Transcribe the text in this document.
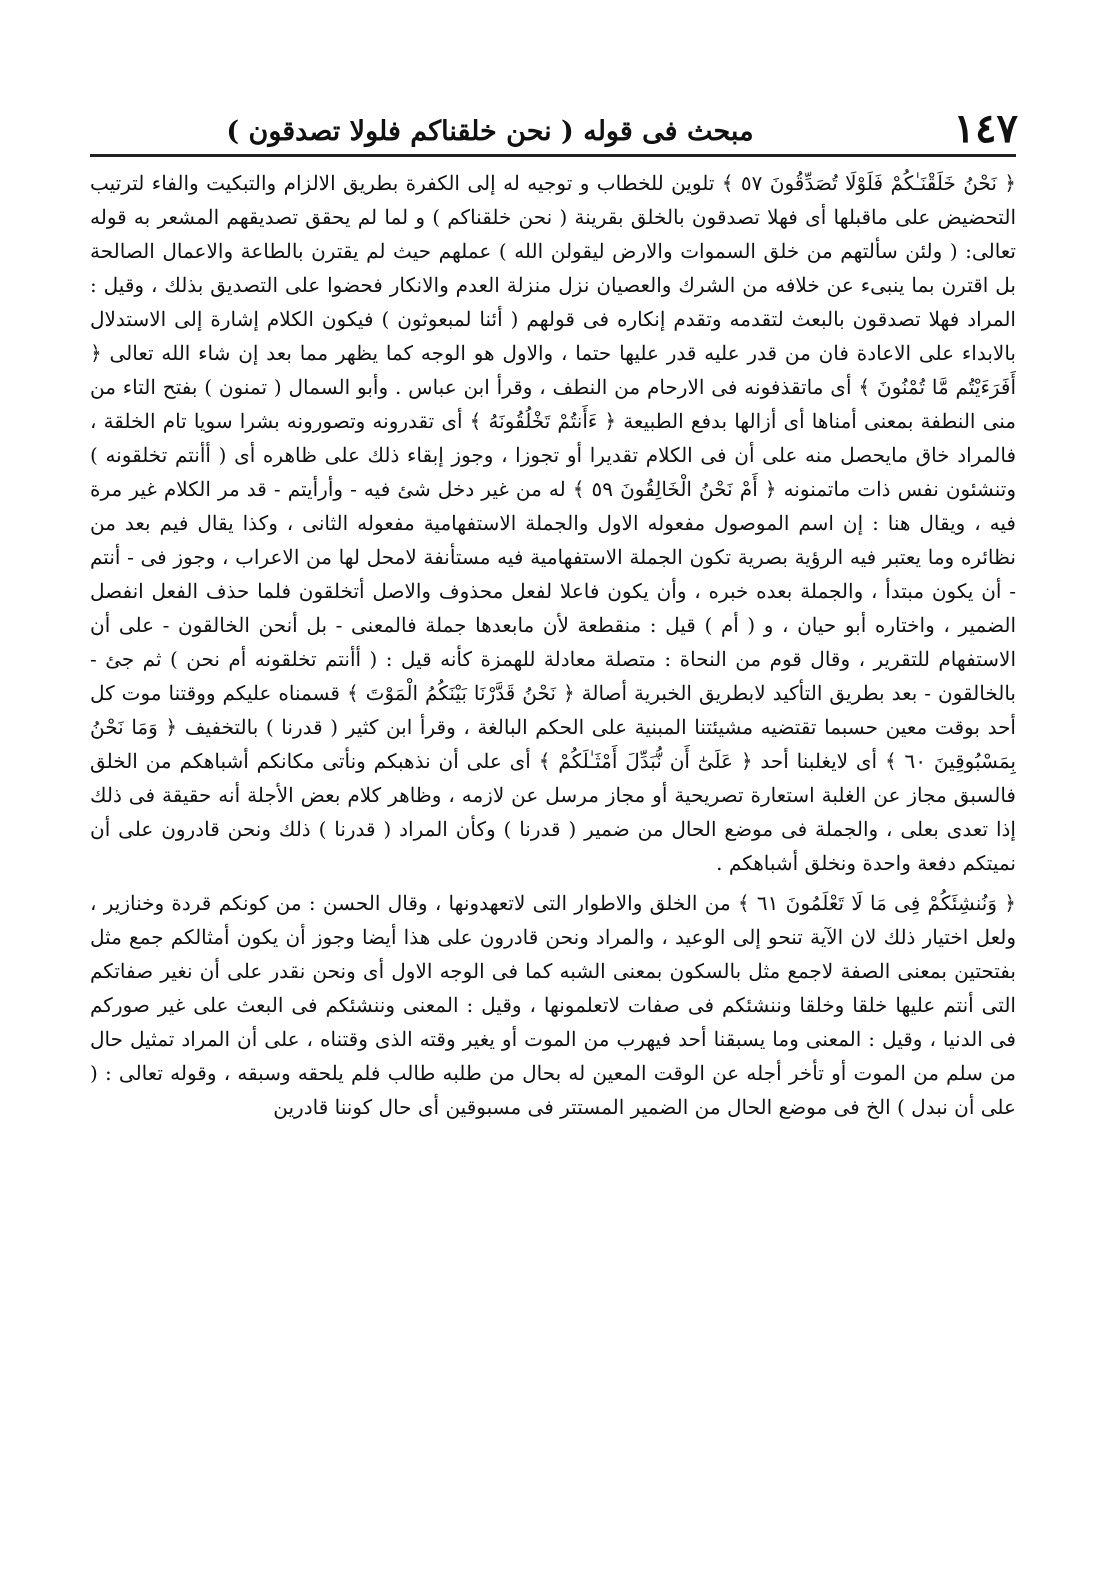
١٤٧
مبحث فى قوله ( نحن خلقناكم فلولا تصدقون )

﴿ نَحْنُ خَلَقْنَـٰكُمْ فَلَوْلَا تُصَدِّقُونَ ٥٧ ﴾ تلوين للخطاب و توجيه له إلى الكفرة بطريق الالزام والتبكيت والفاء لترتيب التحضيض على ماقبلها أى فهلا تصدقون بالخلق بقرينة ( نحن خلقناكم ) و لما لم يحقق تصديقهم المشعر به قوله تعالى: ( ولئن سألتهم من خلق السموات والارض ليقولن الله ) عملهم حيث لم يقترن بالطاعة والاعمال الصالحة بل اقترن بما ينبىء عن خلافه من الشرك والعصيان نزل منزلة العدم والانكار فحضوا على التصديق بذلك ، وقيل : المراد فهلا تصدقون بالبعث لتقدمه وتقدم إنكاره فى قولهم ( أئنا لمبعوثون ) فيكون الكلام إشارة إلى الاستدلال بالابداء على الاعادة فان من قدر عليه قدر عليها حتما ، والاول هو الوجه كما يظهر مما بعد إن شاء الله تعالى ﴿ أَفَرَءَيْتُم مَّا تُمْنُونَ ﴾ أى ماتقذفونه فى الارحام من النطف ، وقرأ ابن عباس . وأبو السمال ( تمنون ) بفتح التاء من منى النطفة بمعنى أمناها أى أزالها بدفع الطبيعة ﴿ ءَأَنتُمْ تَخْلُقُونَهُ ﴾ أى تقدرونه وتصورونه بشرا سويا تام الخلقة ، فالمراد خاق مايحصل منه على أن فى الكلام تقديرا أو تجوزا ، وجوز إبقاء ذلك على ظاهره أى ( أأنتم تخلقونه ) وتنشئون نفس ذات ماتمنونه ﴿ أَمْ نَحْنُ الْخَالِقُونَ ٥٩ ﴾ له من غير دخل شئ فيه - وأرأيتم - قد مر الكلام غير مرة فيه ، ويقال هنا : إن اسم الموصول مفعوله الاول والجملة الاستفهامية مفعوله الثانى ، وكذا يقال فيم بعد من نظائره وما يعتبر فيه الرؤية بصرية تكون الجملة الاستفهامية فيه مستأنفة لامحل لها من الاعراب ، وجوز فى - أنتم - أن يكون مبتدأ ، والجملة بعده خبره ، وأن يكون فاعلا لفعل محذوف والاصل أتخلقون فلما حذف الفعل انفصل الضمير ، واختاره أبو حيان ، و ( أم ) قيل : منقطعة لأن مابعدها جملة فالمعنى - بل أنحن الخالقون - على أن الاستفهام للتقرير ، وقال قوم من النحاة : متصلة معادلة للهمزة كأنه قيل : ( أأنتم تخلقونه أم نحن ) ثم جئ - بالخالقون - بعد بطريق التأكيد لابطريق الخبرية أصالة ﴿ نَحْنُ قَدَّرْنَا بَيْنَكُمُ الْمَوْتَ ﴾ قسمناه عليكم ووقتنا موت كل أحد بوقت معين حسبما تقتضيه مشيئتنا المبنية على الحكم البالغة ، وقرأ ابن كثير ( قدرنا ) بالتخفيف ﴿ وَمَا نَحْنُ بِمَسْبُوقِينَ ٦٠ ﴾ أى لايغلبنا أحد ﴿ عَلَىٰٓ أَن نُّبَدِّلَ أَمْثَـٰلَكُمْ ﴾ أى على أن نذهبكم ونأتى مكانكم أشباهكم من الخلق فالسبق مجاز عن الغلبة استعارة تصريحية أو مجاز مرسل عن لازمه ، وظاهر كلام بعض الأجلة أنه حقيقة فى ذلك إذا تعدى بعلى ، والجملة فى موضع الحال من ضمير ( قدرنا ) وكأن المراد ( قدرنا ) ذلك ونحن قادرون على أن نميتكم دفعة واحدة ونخلق أشباهكم .

﴿ وَنُنشِئَكُمْ فِى مَا لَا تَعْلَمُونَ ٦١ ﴾ من الخلق والاطوار التى لاتعهدونها ، وقال الحسن : من كونكم قردة وخنازير ، ولعل اختيار ذلك لان الآية تنحو إلى الوعيد ، والمراد ونحن قادرون على هذا أيضا وجوز أن يكون أمثالكم جمع مثل بفتحتين بمعنى الصفة لاجمع مثل بالسكون بمعنى الشبه كما فى الوجه الاول أى ونحن نقدر على أن نغير صفاتكم التى أنتم عليها خلقا وخلقا وننشئكم فى صفات لاتعلمونها ، وقيل : المعنى وننشئكم فى البعث على غير صوركم فى الدنيا ، وقيل : المعنى وما يسبقنا أحد فيهرب من الموت أو يغير وقته الذى وقتناه ، على أن المراد تمثيل حال من سلم من الموت أو تأخر أجله عن الوقت المعين له بحال من طلبه طالب فلم يلحقه وسبقه ، وقوله تعالى : ( على أن نبدل ) الخ فى موضع الحال من الضمير المستتر فى مسبوقين أى حال كوننا قادرين
